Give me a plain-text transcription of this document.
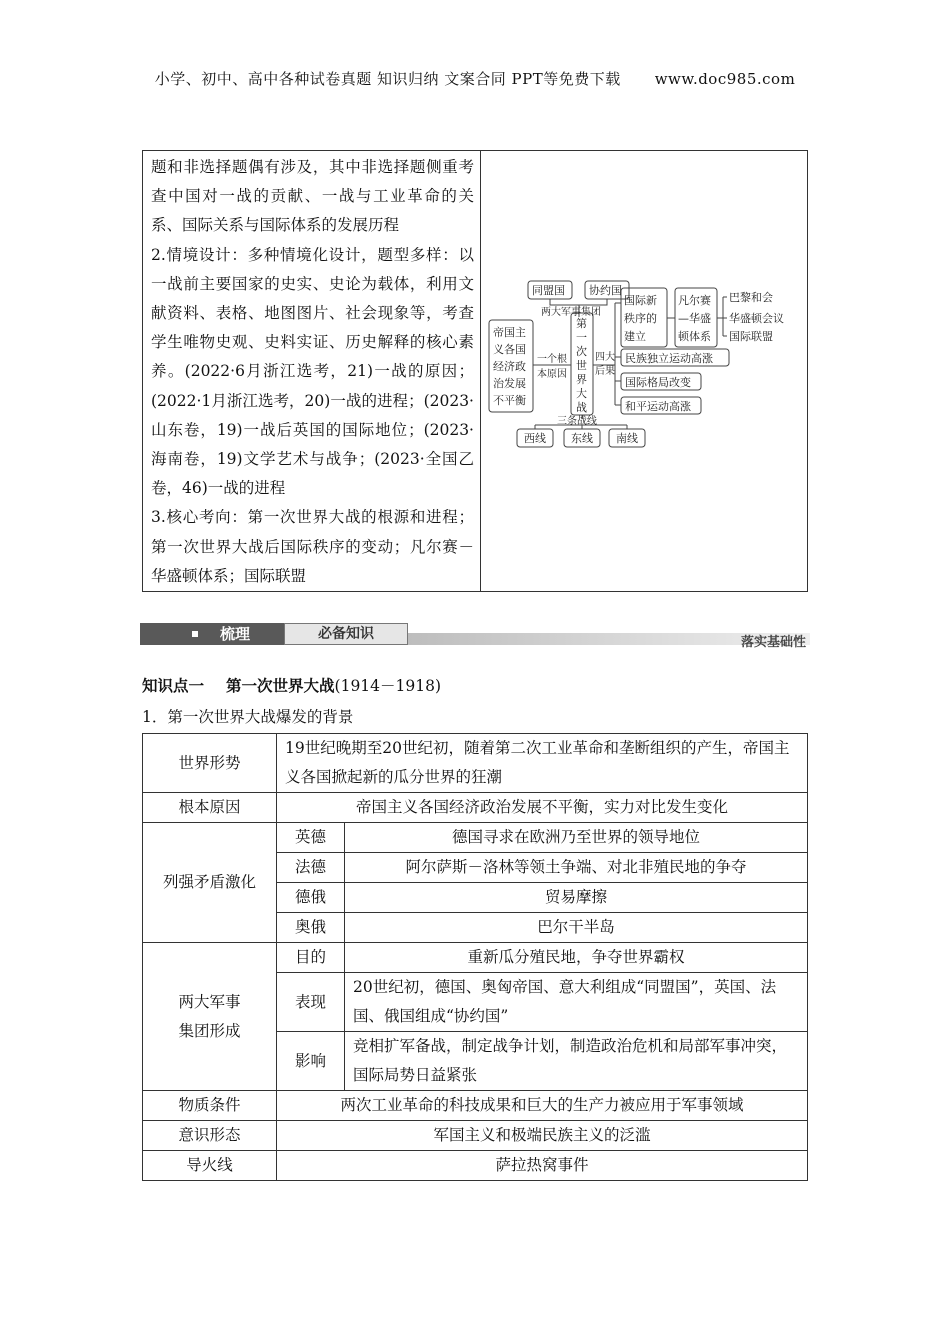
小学、初中、高中各种试卷真题 知识归纳 文案合同 PPT等免费下载 www.doc985.com

题和非选择题偶有涉及，其中非选择题侧重考查中国对一战的贡献、一战与工业革命的关系、国际关系与国际体系的发展历程

2.情境设计：多种情境化设计，题型多样：以一战前主要国家的史实、史论为载体，利用文献资料、表格、地图图片、社会现象等，考查学生唯物史观、史料实证、历史解释的核心素养。(2022·6月浙江选考，21)一战的原因；(2022·1月浙江选考，20)一战的进程；(2023·山东卷，19)一战后英国的国际地位；(2023·海南卷，19)文学艺术与战争；(2023·全国乙卷，46)一战的进程

3.核心考向：第一次世界大战的根源和进程；第一次世界大战后国际秩序的变动；凡尔赛－华盛顿体系；国际联盟

同盟国 协约国
两大军事集团
帝国主
义各国
经济政
治发展
不平衡
一个根
本原因
第
一
次
世
界
大
战
四大
后果
国际新
秩序的
建立
凡尔赛
—华盛
顿体系
巴黎和会
华盛顿会议
国际联盟
民族独立运动高涨
国际格局改变
和平运动高涨
三条战线
西线 东线 南线
梳理	必备知识
落实基础性
知识点一 第一次世界大战(1914－1918)
1．第一次世界大战爆发的背景
世界形势	19世纪晚期至20世纪初，随着第二次工业革命和垄断组织的产生，帝国主义各国掀起新的瓜分世界的狂潮	
根本原因	帝国主义各国经济政治发展不平衡，实力对比发生变化	
列强矛盾激化	英德	德国寻求在欧洲乃至世界的领导地位
	法德	阿尔萨斯－洛林等领土争端、对北非殖民地的争夺
	德俄	贸易摩擦
	奥俄	巴尔干半岛
两大军事
集团形成	目的	重新瓜分殖民地，争夺世界霸权
	表现	20世纪初，德国、奥匈帝国、意大利组成“同盟国”，英国、法国、俄国组成“协约国”
	影响	竞相扩军备战，制定战争计划，制造政治危机和局部军事冲突，国际局势日益紧张
物质条件	两次工业革命的科技成果和巨大的生产力被应用于军事领域	
意识形态	军国主义和极端民族主义的泛滥	
导火线	萨拉热窝事件	
